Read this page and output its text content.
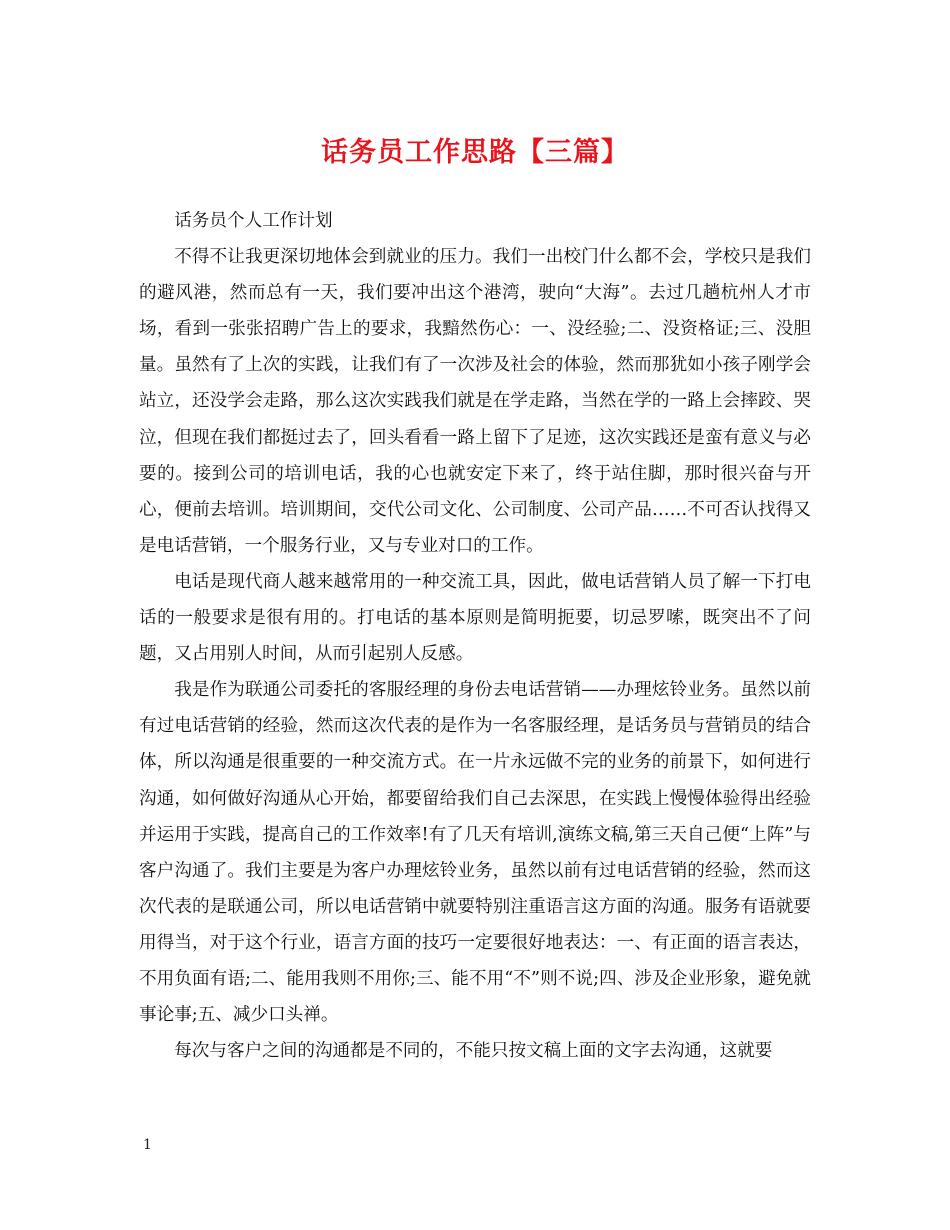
话务员工作思路【三篇】

话务员个人工作计划

不得不让我更深切地体会到就业的压力。我们一出校门什么都不会，学校只是我们的避风港，然而总有一天，我们要冲出这个港湾，驶向“大海”。去过几趟杭州人才市场，看到一张张招聘广告上的要求，我黯然伤心：一、没经验;二、没资格证;三、没胆量。虽然有了上次的实践，让我们有了一次涉及社会的体验，然而那犹如小孩子刚学会站立，还没学会走路，那么这次实践我们就是在学走路，当然在学的一路上会摔跤、哭泣，但现在我们都挺过去了，回头看看一路上留下了足迹，这次实践还是蛮有意义与必要的。接到公司的培训电话，我的心也就安定下来了，终于站住脚，那时很兴奋与开心，便前去培训。培训期间，交代公司文化、公司制度、公司产品……不可否认找得又是电话营销，一个服务行业，又与专业对口的工作。

电话是现代商人越来越常用的一种交流工具，因此，做电话营销人员了解一下打电话的一般要求是很有用的。打电话的基本原则是简明扼要，切忌罗嗦，既突出不了问题，又占用别人时间，从而引起别人反感。

我是作为联通公司委托的客服经理的身份去电话营销——办理炫铃业务。虽然以前有过电话营销的经验，然而这次代表的是作为一名客服经理，是话务员与营销员的结合体，所以沟通是很重要的一种交流方式。在一片永远做不完的业务的前景下，如何进行沟通，如何做好沟通从心开始，都要留给我们自己去深思，在实践上慢慢体验得出经验并运用于实践，提高自己的工作效率!有了几天有培训,演练文稿,第三天自己便“上阵”与客户沟通了。我们主要是为客户办理炫铃业务，虽然以前有过电话营销的经验，然而这次代表的是联通公司，所以电话营销中就要特别注重语言这方面的沟通。服务有语就要用得当，对于这个行业，语言方面的技巧一定要很好地表达：一、有正面的语言表达，不用负面有语;二、能用我则不用你;三、能不用“不”则不说;四、涉及企业形象，避免就事论事;五、减少口头禅。

每次与客户之间的沟通都是不同的，不能只按文稿上面的文字去沟通，这就要

1
